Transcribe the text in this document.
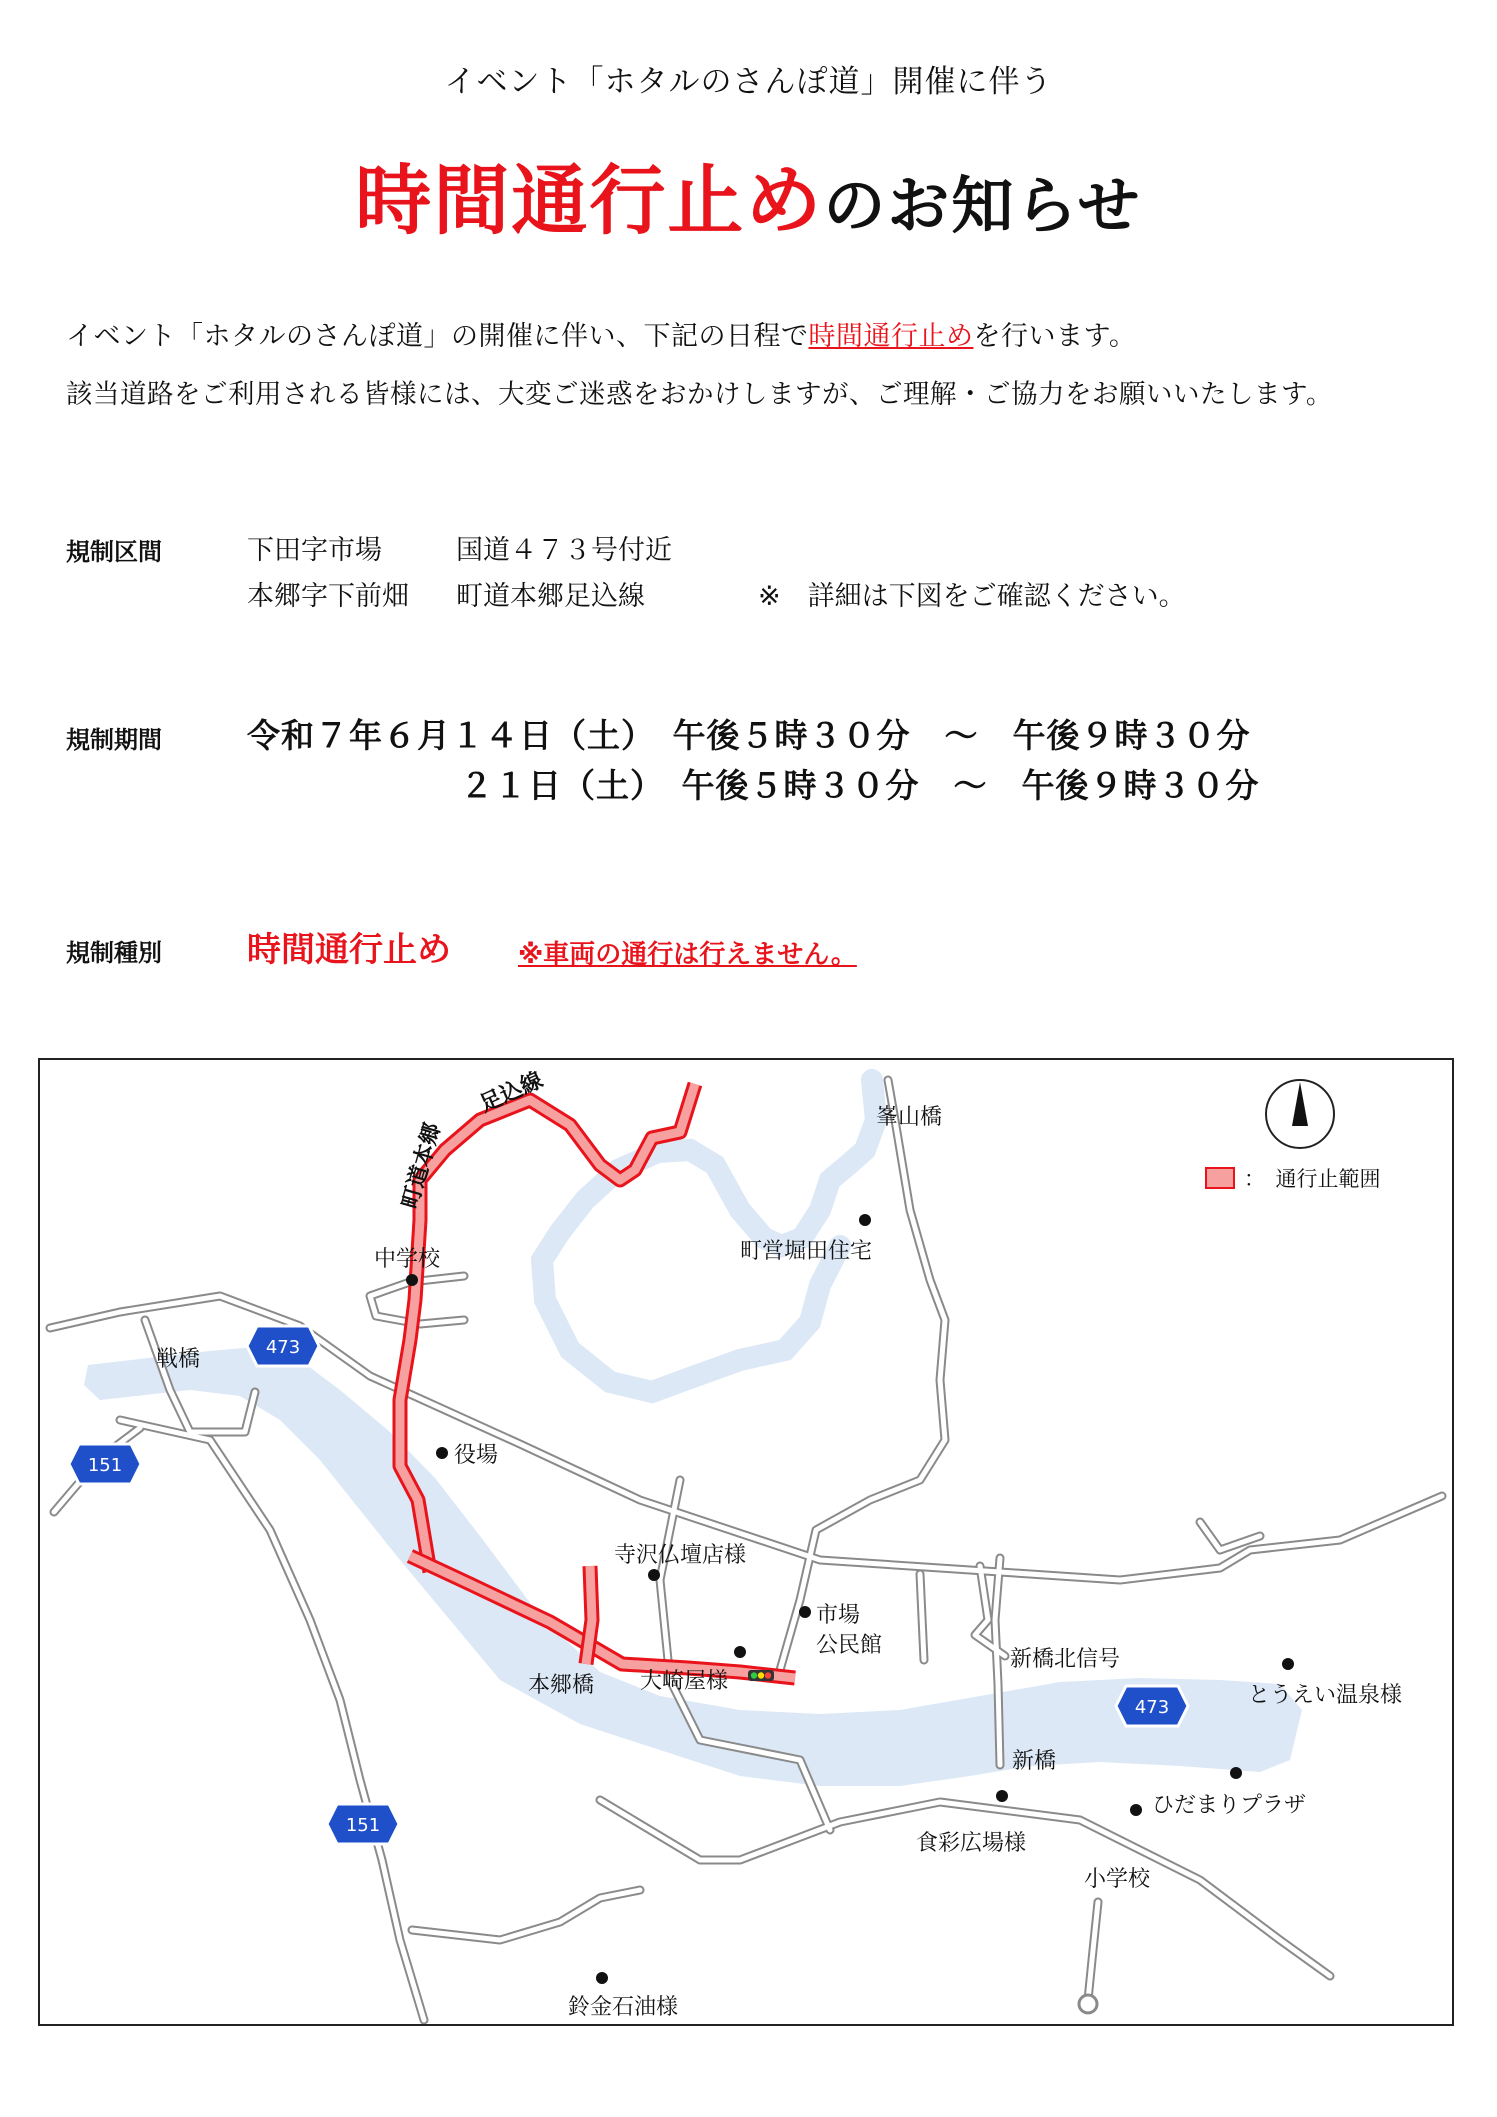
イベント「ホタルのさんぽ道」開催に伴う
時間通行止めのお知らせ
イベント「ホタルのさんぽ道」の開催に伴い、下記の日程で時間通行止めを行います。
該当道路をご利用される皆様には、大変ご迷惑をおかけしますが、ご理解・ご協力をお願いいたします。
規制区間	下田字市場	国道４７３号付近
本郷字下前畑 町道本郷足込線	※　詳細は下図をご確認ください。
規制期間	令和７年６月１４日（土）　午後５時３０分　～　午後９時３０分
２１日（土）　午後５時３０分　～　午後９時３０分
規制種別	時間通行止め	※車両の通行は行えません。
473
151
473
151
：　通行止範囲
町道本郷
足込線
峯山橋
町営堀田住宅
中学校
戦橋
役場
寺沢仏壇店様
市場
公民館
新橋北信号
大崎屋様
本郷橋	とうえい温泉様
新橋
ひだまりプラザ
食彩広場様
小学校
鈴金石油様
